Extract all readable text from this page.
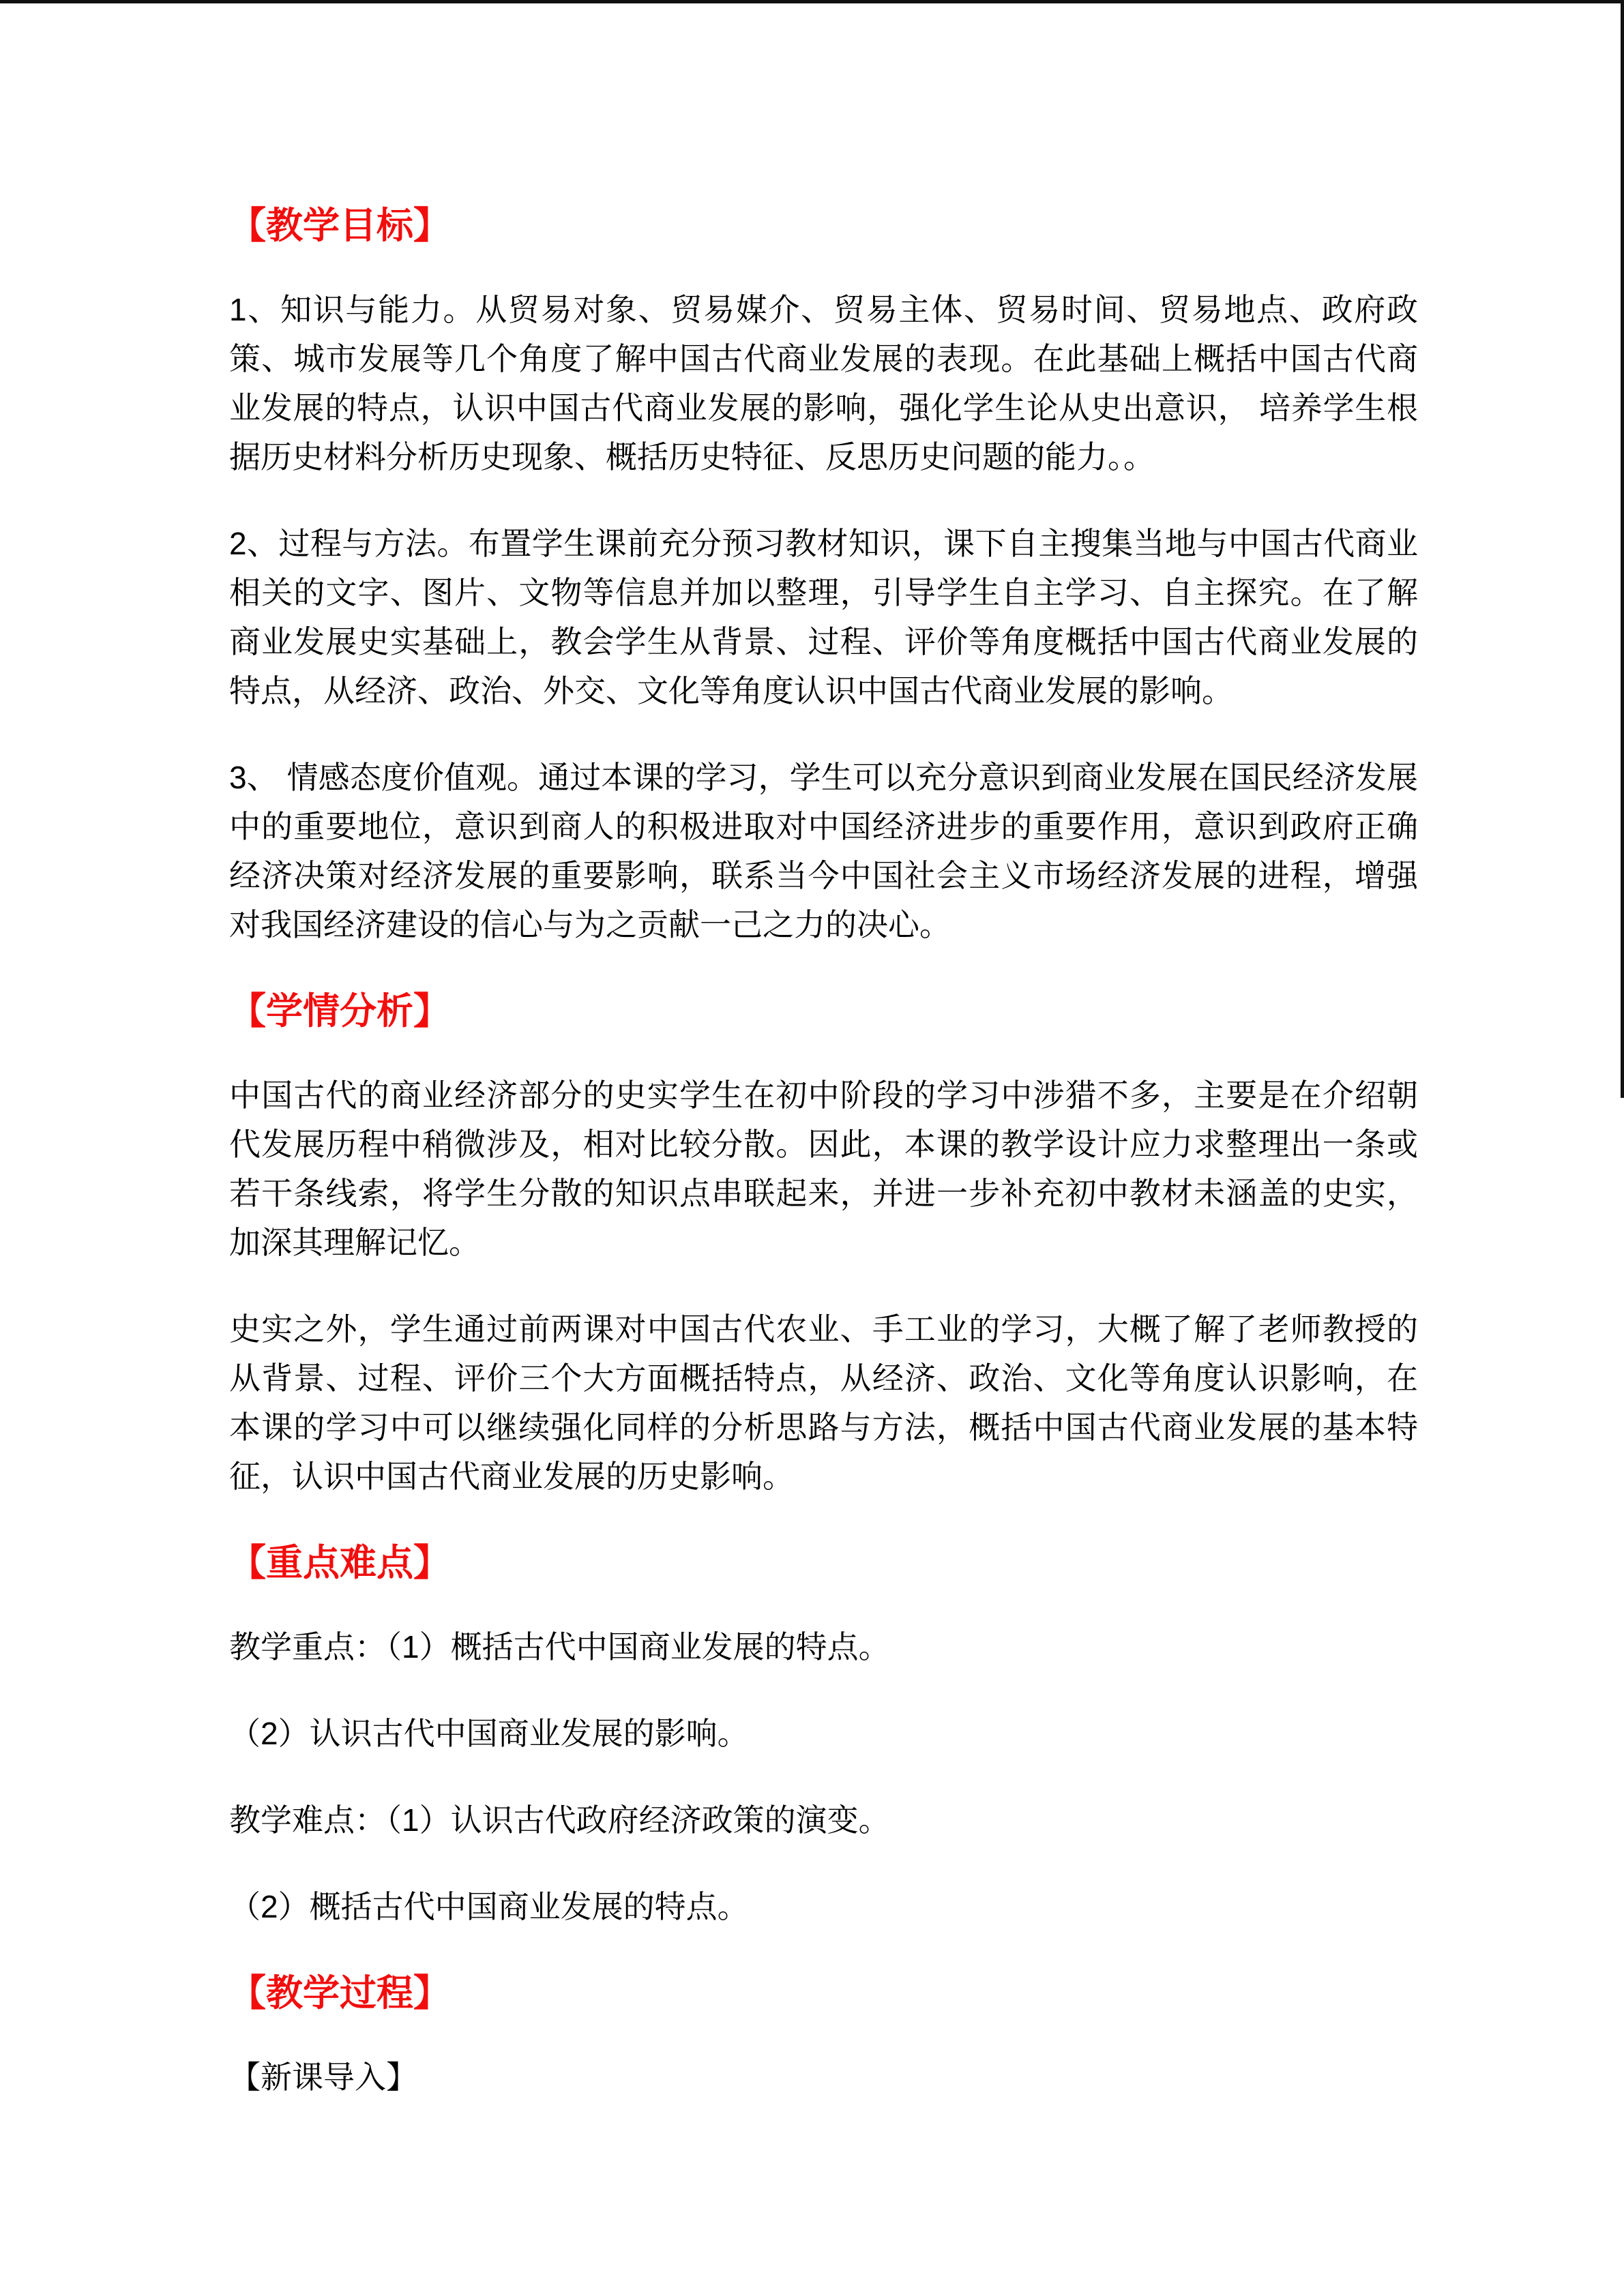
【教学目标】

1、知识与能力。从贸易对象、贸易媒介、贸易主体、贸易时间、贸易地点、政府政策、城市发展等几个角度了解中国古代商业发展的表现。在此基础上概括中国古代商业发展的特点，认识中国古代商业发展的影响，强化学生论从史出意识， 培养学生根据历史材料分析历史现象、概括历史特征、反思历史问题的能力。。

2、过程与方法。布置学生课前充分预习教材知识，课下自主搜集当地与中国古代商业相关的文字、图片、文物等信息并加以整理，引导学生自主学习、自主探究。在了解商业发展史实基础上，教会学生从背景、过程、评价等角度概括中国古代商业发展的特点，从经济、政治、外交、文化等角度认识中国古代商业发展的影响。

3、 情感态度价值观。通过本课的学习，学生可以充分意识到商业发展在国民经济发展中的重要地位，意识到商人的积极进取对中国经济进步的重要作用，意识到政府正确经济决策对经济发展的重要影响，联系当今中国社会主义市场经济发展的进程，增强对我国经济建设的信心与为之贡献一己之力的决心。

【学情分析】

中国古代的商业经济部分的史实学生在初中阶段的学习中涉猎不多，主要是在介绍朝代发展历程中稍微涉及，相对比较分散。因此，本课的教学设计应力求整理出一条或若干条线索，将学生分散的知识点串联起来，并进一步补充初中教材未涵盖的史实，加深其理解记忆。

史实之外，学生通过前两课对中国古代农业、手工业的学习，大概了解了老师教授的从背景、过程、评价三个大方面概括特点，从经济、政治、文化等角度认识影响，在本课的学习中可以继续强化同样的分析思路与方法，概括中国古代商业发展的基本特征，认识中国古代商业发展的历史影响。

【重点难点】

教学重点：（1）概括古代中国商业发展的特点。

（2）认识古代中国商业发展的影响。

教学难点：（1）认识古代政府经济政策的演变。

（2）概括古代中国商业发展的特点。

【教学过程】

【新课导入】
